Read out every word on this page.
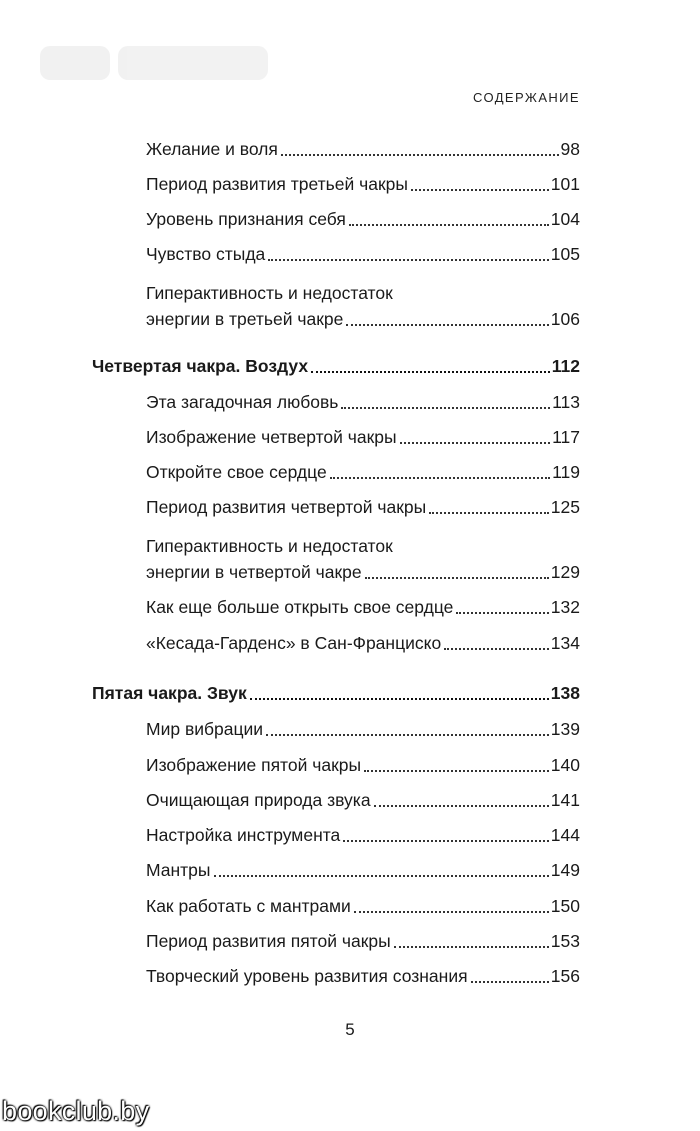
СОДЕРЖАНИЕ
Желание и воля	98
Период развития третьей чакры	101
Уровень признания себя	104
Чувство стыда	105
Гиперактивность и недостаток
энергии в третьей чакре	106
Четвертая чакра. Воздух	112
Эта загадочная любовь	113
Изображение четвертой чакры	117
Откройте свое сердце	119
Период развития четвертой чакры	125
Гиперактивность и недостаток
энергии в четвертой чакре	129
Как еще больше открыть свое сердце	132
«Кесада-Гарденс» в Сан-Франциско	134
Пятая чакра. Звук	138
Мир вибрации	139
Изображение пятой чакры	140
Очищающая природа звука	141
Настройка инструмента	144
Мантры	149
Как работать с мантрами	150
Период развития пятой чакры	153
Творческий уровень развития сознания	156
5
bookclub.by
